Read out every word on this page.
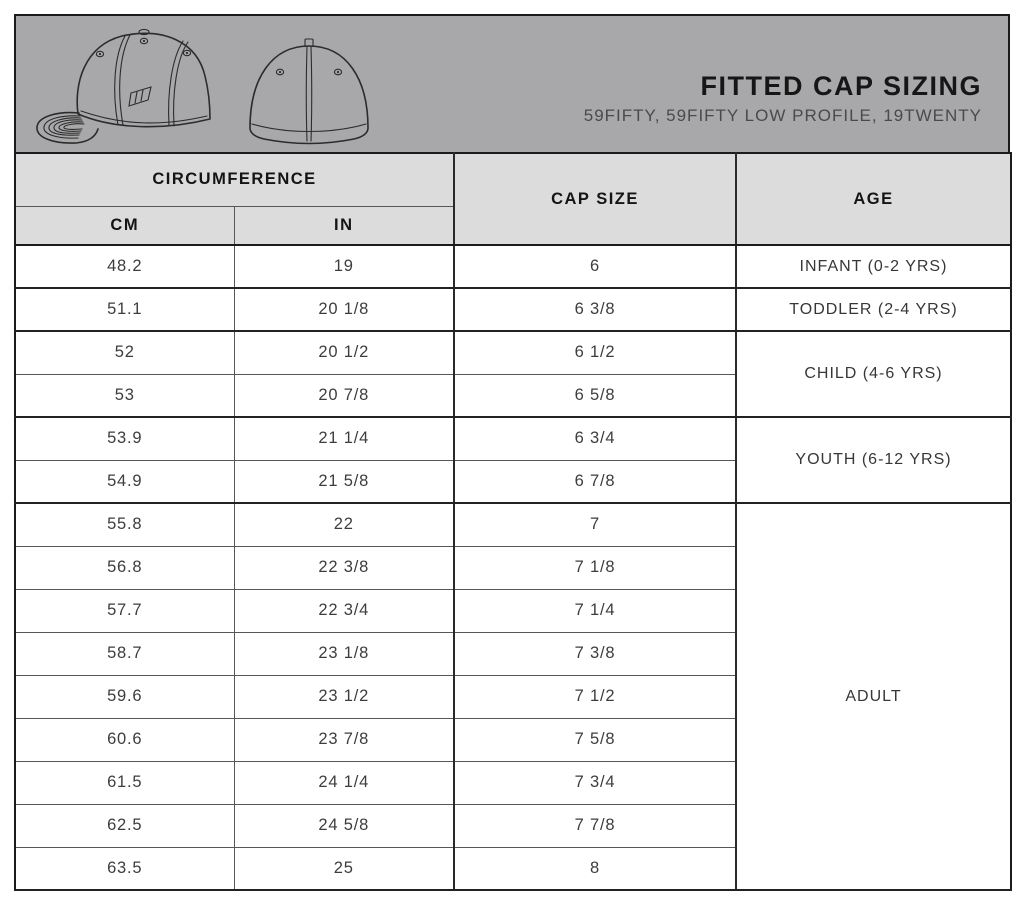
FITTED CAP SIZING
59FIFTY, 59FIFTY LOW PROFILE, 19TWENTY
CIRCUMFERENCE		CAP SIZE	AGE
CM	IN		
48.2	19	6	INFANT (0-2 YRS)
51.1	20 1/8	6 3/8	TODDLER (2-4 YRS)
52	20 1/2	6 1/2	CHILD (4-6 YRS)
53	20 7/8	6 5/8	
53.9	21 1/4	6 3/4	YOUTH (6-12 YRS)
54.9	21 5/8	6 7/8	
55.8	22	7	ADULT
56.8	22 3/8	7 1/8	
57.7	22 3/4	7 1/4	
58.7	23 1/8	7 3/8	
59.6	23 1/2	7 1/2	
60.6	23 7/8	7 5/8	
61.5	24 1/4	7 3/4	
62.5	24 5/8	7 7/8	
63.5	25	8	
